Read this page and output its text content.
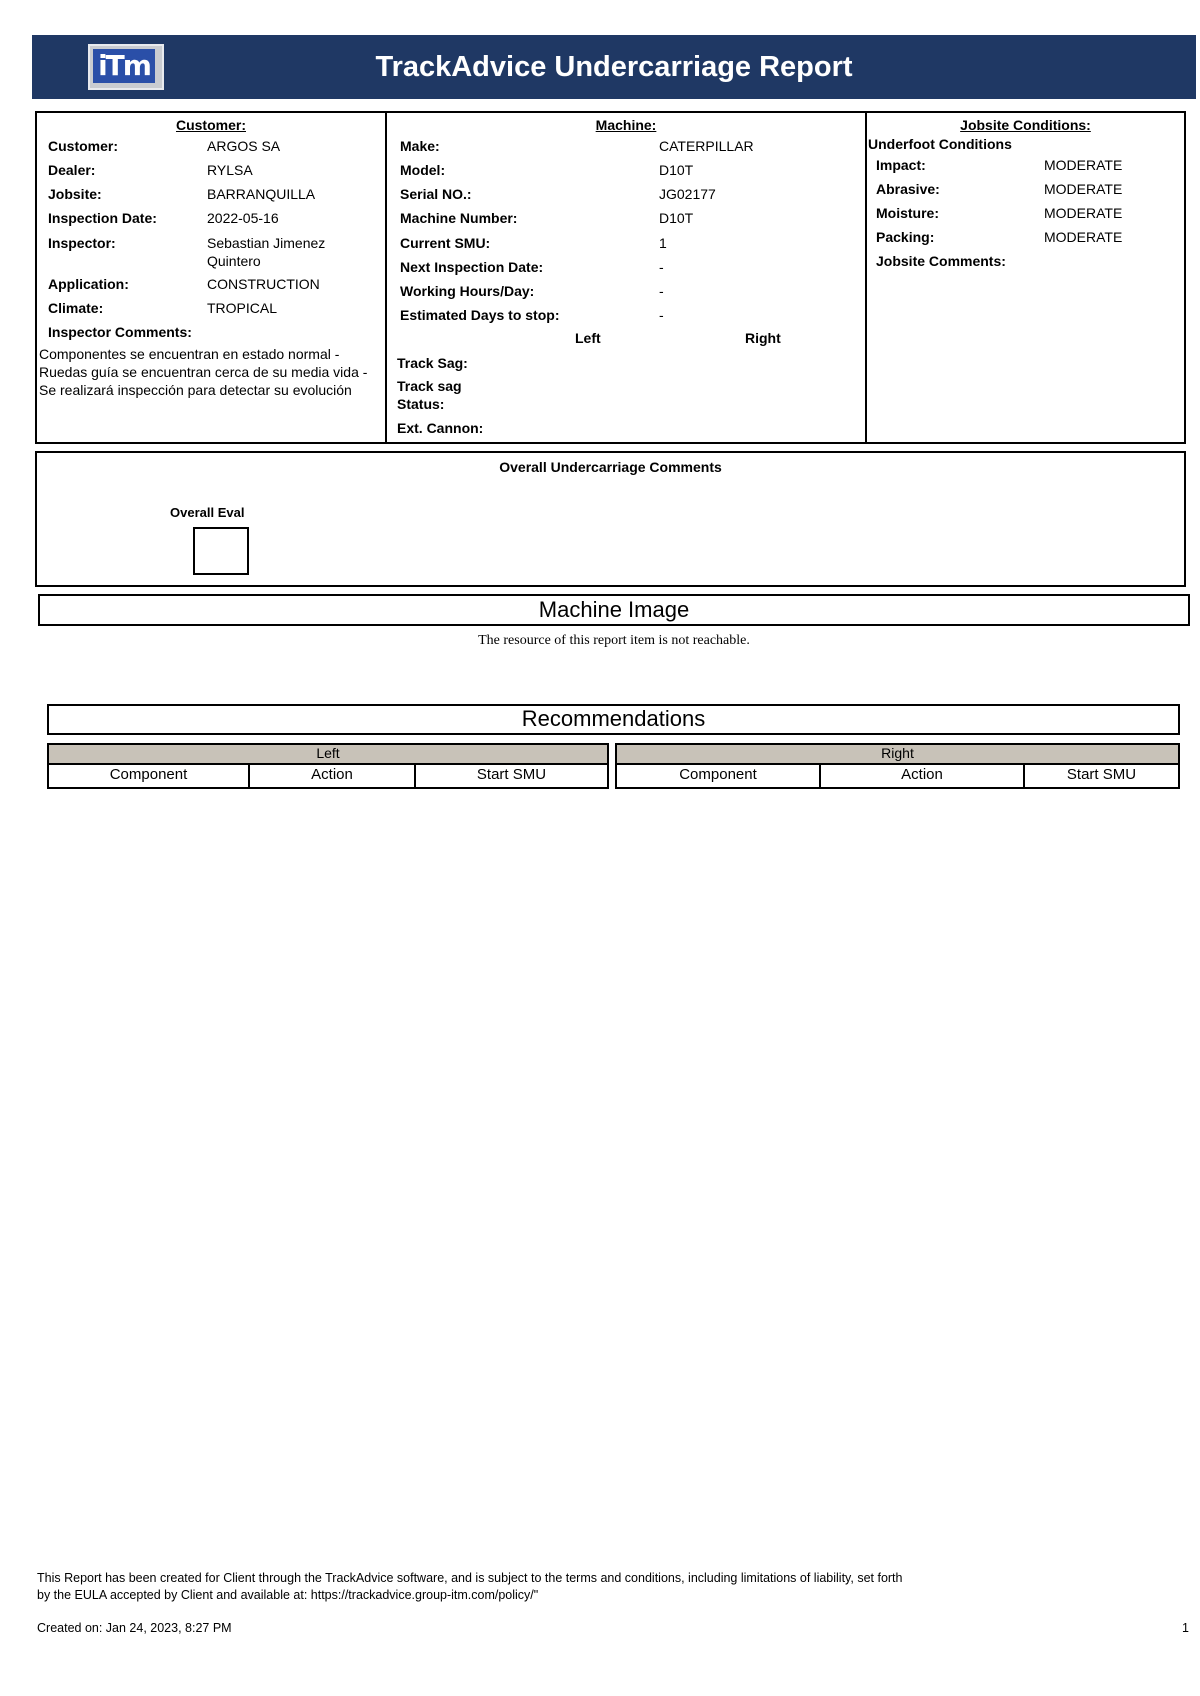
iTm	TrackAdvice Undercarriage Report
Customer:
Customer:	ARGOS SA
Dealer:	RYLSA
Jobsite:	BARRANQUILLA
Inspection Date:	2022-05-16
Inspector:	Sebastian Jimenez
Quintero
Application:	CONSTRUCTION
Climate:	TROPICAL
Inspector Comments:
Componentes se encuentran en estado normal - Ruedas guía se encuentran cerca de su media vida - Se realizará inspección para detectar su evolución
Machine:
Make:	CATERPILLAR
Model:	D10T
Serial NO.:	JG02177
Machine Number:	D10T
Current SMU:	1
Next Inspection Date:	-
Working Hours/Day:	-
Estimated Days to stop:	-
Left	Right
Track Sag:
Track sag
Status:
Ext. Cannon:
Jobsite Conditions:
Underfoot Conditions
Impact:	MODERATE
Abrasive:	MODERATE
Moisture:	MODERATE
Packing:	MODERATE
Jobsite Comments:
Overall Undercarriage Comments
Overall Eval
Machine Image
The resource of this report item is not reachable.
Recommendations
Left
Component	Action	Start SMU
Right
Component	Action	Start SMU
This Report has been created for Client through the TrackAdvice software, and is subject to the terms and conditions, including limitations of liability, set forth
by the EULA accepted by Client and available at: https://trackadvice.group-itm.com/policy/"
Created on: Jan 24, 2023, 8:27 PM	1
